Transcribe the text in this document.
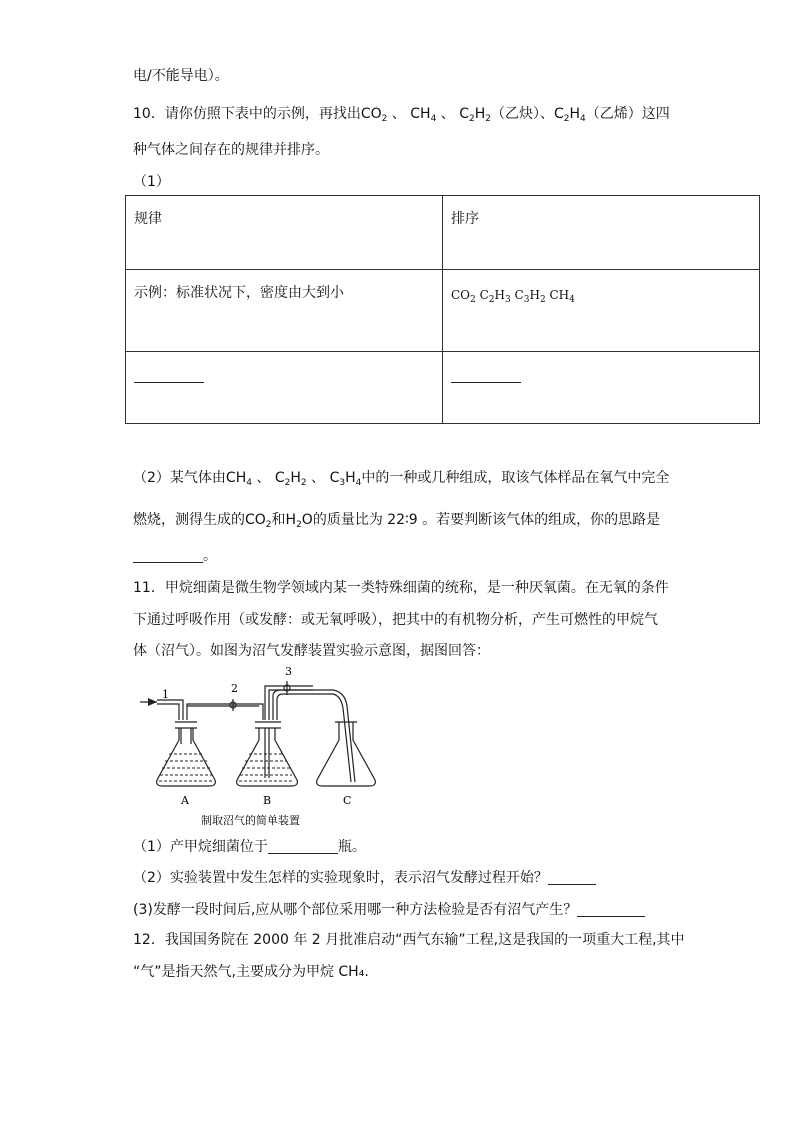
电/不能导电）。
10．请你仿照下表中的示例，再找出$CO_2$ 、 $CH_4$ 、 $C_2H_2$（乙炔）、$C_2H_4$（乙烯）这四
种气体之间存在的规律并排序。
（1）
规律	排序
示例：标准状况下，密度由大到小	$CO_2$ $C_2H_3$ $C_3H_2$ $CH_4$

（2）某气体由$CH_4$ 、 $C_2H_2$ 、 $C_3H_4$中的一种或几种组成，取该气体样品在氧气中完全
燃烧，测得生成的$CO_2$和$H_2O$的质量比为 22∶9 。若要判断该气体的组成，你的思路是
。
11．甲烷细菌是微生物学领域内某一类特殊细菌的统称，是一种厌氧菌。在无氧的条件
下通过呼吸作用（或发酵：或无氧呼吸），把其中的有机物分析，产生可燃性的甲烷气
体（沼气）。如图为沼气发酵装置实验示意图，据图回答：
1	2
3
A	B	C
制取沼气的简单装置
（1）产甲烷细菌位于	瓶。
（2）实验装置中发生怎样的实验现象时，表示沼气发酵过程开始？
(3)发酵一段时间后,应从哪个部位采用哪一种方法检验是否有沼气产生？
12．我国国务院在 2000 年 2 月批准启动“西气东输”工程,这是我国的一项重大工程,其中
“气”是指天然气,主要成分为甲烷 CH₄.
